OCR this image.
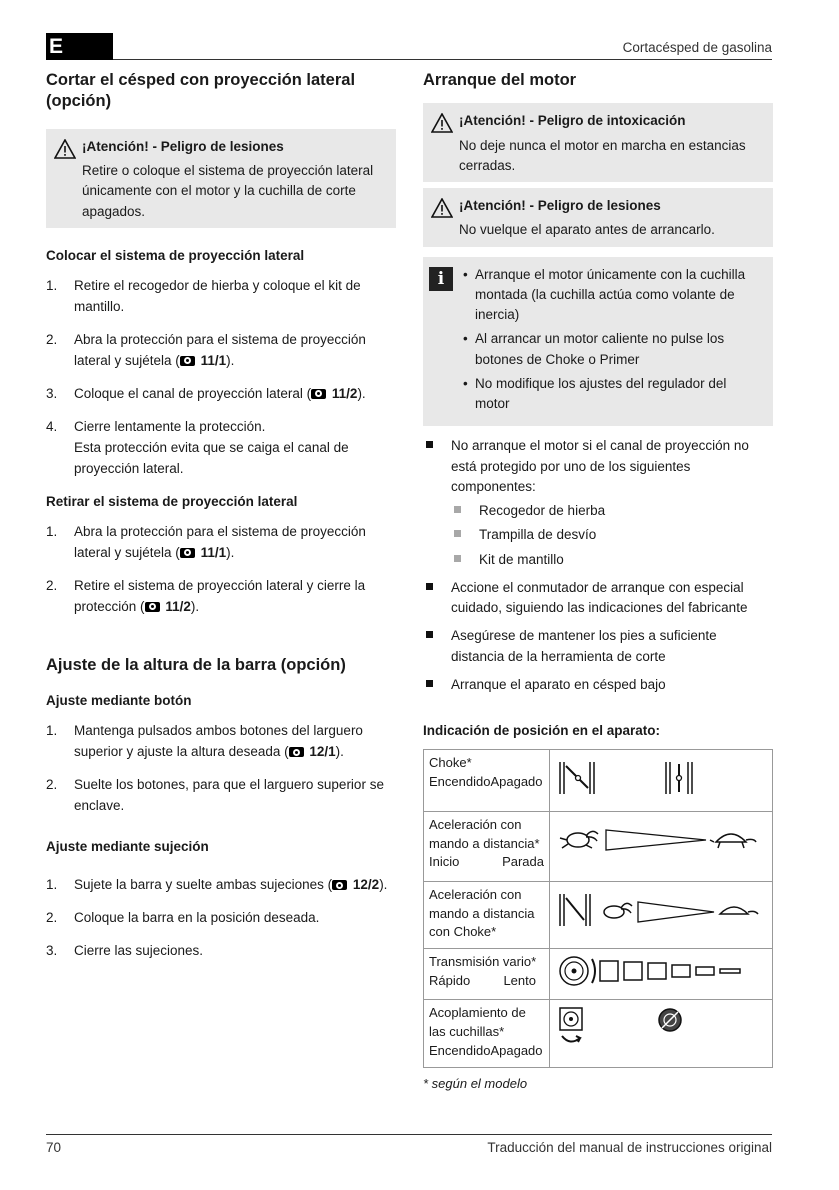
E	Cortacésped de gasolina
Cortar el césped con proyección lateral (opción)
¡Atención! - Peligro de lesiones
Retire o coloque el sistema de proyección lateral únicamente con el motor y la cuchilla de corte apagados.
Colocar el sistema de proyección lateral
1. Retire el recogedor de hierba y coloque el kit de mantillo.
2. Abra la protección para el sistema de proyección lateral y sujétela ( 11/1).
3. Coloque el canal de proyección lateral ( 11/2).
4. Cierre lentamente la protección.
Esta protección evita que se caiga el canal de proyección lateral.
Retirar el sistema de proyección lateral
1. Abra la protección para el sistema de proyección lateral y sujétela ( 11/1).
2. Retire el sistema de proyección lateral y cierre la protección ( 11/2).
Ajuste de la altura de la barra (opción)
Ajuste mediante botón
1. Mantenga pulsados ambos botones del larguero superior y ajuste la altura deseada ( 12/1).
2. Suelte los botones, para que el larguero superior se enclave.
Ajuste mediante sujeción
1. Sujete la barra y suelte ambas sujeciones ( 12/2).
2. Coloque la barra en la posición deseada.
3. Cierre las sujeciones.
Arranque del motor
¡Atención! - Peligro de intoxicación
No deje nunca el motor en marcha en estancias cerradas.
¡Atención! - Peligro de lesiones
No vuelque el aparato antes de arrancarlo.
i	• Arranque el motor únicamente con la cuchilla montada (la cuchilla actúa como volante de inercia)
• Al arrancar un motor caliente no pulse los botones de Choke o Primer
• No modifique los ajustes del regulador del motor
No arranque el motor si el canal de proyección no está protegido por uno de los siguientes componentes:
Recogedor de hierba
Trampilla de desvío
Kit de mantillo
Accione el conmutador de arranque con especial cuidado, siguiendo las indicaciones del fabricante
Asegúrese de mantener los pies a suficiente distancia de la herramienta de corte
Arranque el aparato en césped bajo
Indicación de posición en el aparato:
Choke*
EncendidoApagado

Aceleración con mando a distancia*
Inicio Parada

Aceleración con mando a distancia con Choke*

Transmisión vario*
Rápido Lento

Acoplamiento de las cuchillas*
EncendidoApagado

* según el modelo
70	Traducción del manual de instrucciones original
